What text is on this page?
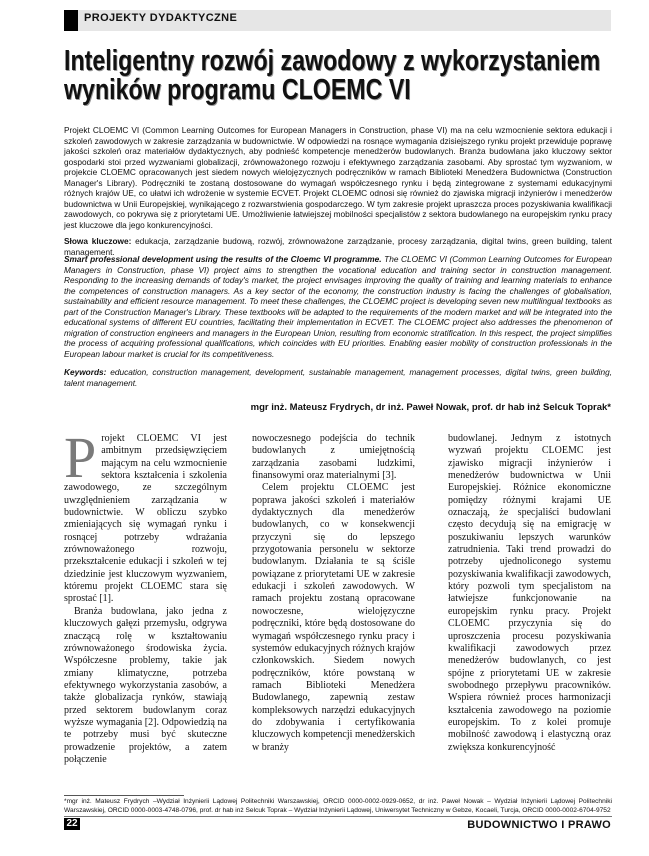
PROJEKTY DYDAKTYCZNE
Inteligentny rozwój zawodowy z wykorzystaniem
wyników programu CLOEMC VI

Projekt CLOEMC VI (Common Learning Outcomes for European Managers in Construction, phase VI) ma na celu wzmocnienie sektora edukacji i szkoleń zawodowych w zakresie zarządzania w budownictwie. W odpowiedzi na rosnące wymagania dzisiejszego rynku projekt przewiduje poprawę jakości szkoleń oraz materiałów dydaktycznych, aby podnieść kompetencje menedżerów budowlanych. Branża budowlana jako kluczowy sektor gospodarki stoi przed wyzwaniami globalizacji, zrównoważonego rozwoju i efektywnego zarządzania zasobami. Aby sprostać tym wyzwaniom, w projekcie CLOEMC opracowanych jest siedem nowych wielojęzycznych podręczników w ramach Biblioteki Menedżera Budownictwa (Construction Manager's Library). Podręczniki te zostaną dostosowane do wymagań współczesnego rynku i będą zintegrowane z systemami edukacyjnymi różnych krajów UE, co ułatwi ich wdrożenie w systemie ECVET. Projekt CLOEMC odnosi się również do zjawiska migracji inżynierów i menedżerów budownictwa w Unii Europejskiej, wynikającego z rozwarstwienia gospodarczego. W tym zakresie projekt upraszcza proces pozyskiwania kwalifikacji zawodowych, co pokrywa się z priorytetami UE. Umożliwienie łatwiejszej mobilności specjalistów z sektora budowlanego na europejskim rynku pracy jest kluczowe dla jego konkurencyjności.

Słowa kluczowe: edukacja, zarządzanie budową, rozwój, zrównoważone zarządzanie, procesy zarządzania, digital twins, green building, talent management.

Smart professional development using the results of the Cloemc VI programme. The CLOEMC VI (Common Learning Outcomes for European Managers in Construction, phase VI) project aims to strengthen the vocational education and training sector in construction management. Responding to the increasing demands of today's market, the project envisages improving the quality of training and learning materials to enhance the competences of construction managers. As a key sector of the economy, the construction industry is facing the challenges of globalisation, sustainability and efficient resource management. To meet these challenges, the CLOEMC project is developing seven new multilingual textbooks as part of the Construction Manager's Library. These textbooks will be adapted to the requirements of the modern market and will be integrated into the educational systems of different EU countries, facilitating their implementation in ECVET. The CLOEMC project also addresses the phenomenon of migration of construction engineers and managers in the European Union, resulting from economic stratification. In this respect, the project simplifies the process of acquiring professional qualifications, which coincides with EU priorities. Enabling easier mobility of construction professionals in the European labour market is crucial for its competitiveness.

Keywords: education, construction management, development, sustainable management, management processes, digital twins, green building, talent management.

mgr inż. Mateusz Frydrych, dr inż. Paweł Nowak, prof. dr hab inż Selcuk Toprak*

Projekt CLOEMC VI jest ambitnym przedsięwzięciem mającym na celu wzmocnienie sektora kształcenia i szkolenia zawodowego, ze szczególnym uwzględnieniem zarządzania w budownictwie. W obliczu szybko zmieniających się wymagań rynku i rosnącej potrzeby wdrażania zrównoważonego rozwoju, przekształcenie edukacji i szkoleń w tej dziedzinie jest kluczowym wyzwaniem, któremu projekt CLOEMC stara się sprostać [1].

Branża budowlana, jako jedna z kluczowych gałęzi przemysłu, odgrywa znaczącą rolę w kształtowaniu zrównoważonego środowiska życia. Współczesne problemy, takie jak zmiany klimatyczne, potrzeba efektywnego wykorzystania zasobów, a także globalizacja rynków, stawiają przed sektorem budowlanym coraz wyższe wymagania [2]. Odpowiedzią na te potrzeby musi być skuteczne prowadzenie projektów, a zatem połączenie

nowoczesnego podejścia do technik budowlanych z umiejętnością zarządzania zasobami ludzkimi, finansowymi oraz materialnymi [3].

Celem projektu CLOEMC jest poprawa jakości szkoleń i materiałów dydaktycznych dla menedżerów budowlanych, co w konsekwencji przyczyni się do lepszego przygotowania personelu w sektorze budowlanym. Działania te są ściśle powiązane z priorytetami UE w zakresie edukacji i szkoleń zawodowych. W ramach projektu zostaną opracowane nowoczesne, wielojęzyczne podręczniki, które będą dostosowane do wymagań współczesnego rynku pracy i systemów edukacyjnych różnych krajów członkowskich. Siedem nowych podręczników, które powstaną w ramach Biblioteki Menedżera Budowlanego, zapewnią zestaw kompleksowych narzędzi edukacyjnych do zdobywania i certyfikowania kluczowych kompetencji menedżerskich w branży

budowlanej. Jednym z istotnych wyzwań projektu CLOEMC jest zjawisko migracji inżynierów i menedżerów budownictwa w Unii Europejskiej. Różnice ekonomiczne pomiędzy różnymi krajami UE oznaczają, że specjaliści budowlani często decydują się na emigrację w poszukiwaniu lepszych warunków zatrudnienia. Taki trend prowadzi do potrzeby ujednoliconego systemu pozyskiwania kwalifikacji zawodowych, który pozwoli tym specjalistom na łatwiejsze funkcjonowanie na europejskim rynku pracy. Projekt CLOEMC przyczynia się do uproszczenia procesu pozyskiwania kwalifikacji zawodowych przez menedżerów budowlanych, co jest spójne z priorytetami UE w zakresie swobodnego przepływu pracowników. Wspiera również proces harmonizacji kształcenia zawodowego na poziomie europejskim. To z kolei promuje mobilność zawodową i elastyczną oraz zwiększa konkurencyjność

*mgr inż. Mateusz Frydrych –Wydział Inżynierii Lądowej Politechniki Warszawskiej, ORCID 0000-0002-0929-0652, dr inż. Paweł Nowak – Wydział Inżynierii Lądowej Politechniki Warszawskiej, ORCID 0000-0003-4748-0796, prof. dr hab inż Selcuk Toprak – Wydział Inżynierii Lądowej, Uniwersytet Techniczny w Gebze, Kocaeli, Turcja, ORCID 0000-0002-6704-9752
22	BUDOWNICTWO I PRAWO
